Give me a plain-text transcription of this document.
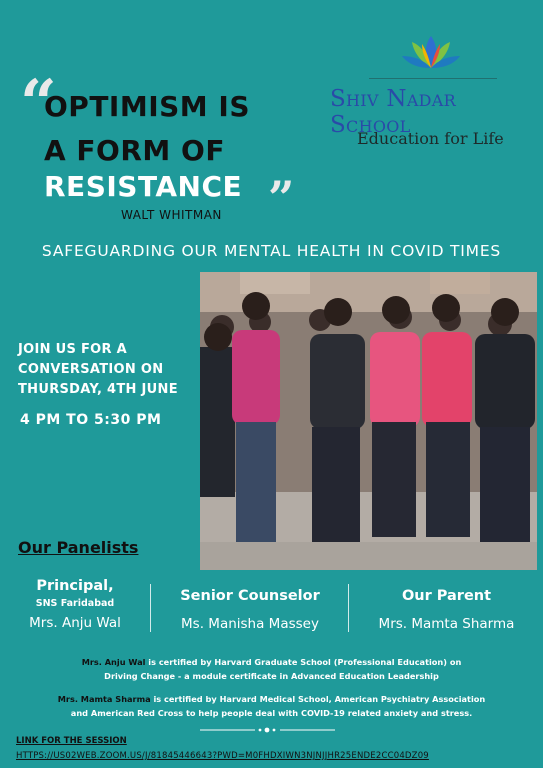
“
OPTIMISM IS
A FORM OF
RESISTANCE ”
WALT WHITMAN
Shiv Nadar School
Education for Life
SAFEGUARDING OUR MENTAL HEALTH IN COVID TIMES
JOIN US FOR A
CONVERSATION ON
THURSDAY, 4TH JUNE
4 PM TO 5:30 PM
Our Panelists
Principal,
SNS Faridabad
Mrs. Anju Wal
Senior Counselor
Ms. Manisha Massey
Our Parent
Mrs. Mamta Sharma
Mrs. Anju Wal is certified by Harvard Graduate School (Professional Education) on
Driving Change - a module certificate in Advanced Education Leadership
Mrs. Mamta Sharma is certified by Harvard Medical School, American Psychiatry Association
and American Red Cross to help people deal with COVID-19 related anxiety and stress.
LINK FOR THE SESSION
HTTPS://US02WEB.ZOOM.US/J/81845446643?PWD=M0FHDXIWN3NJNJJHR25ENDE2CC04DZ09
